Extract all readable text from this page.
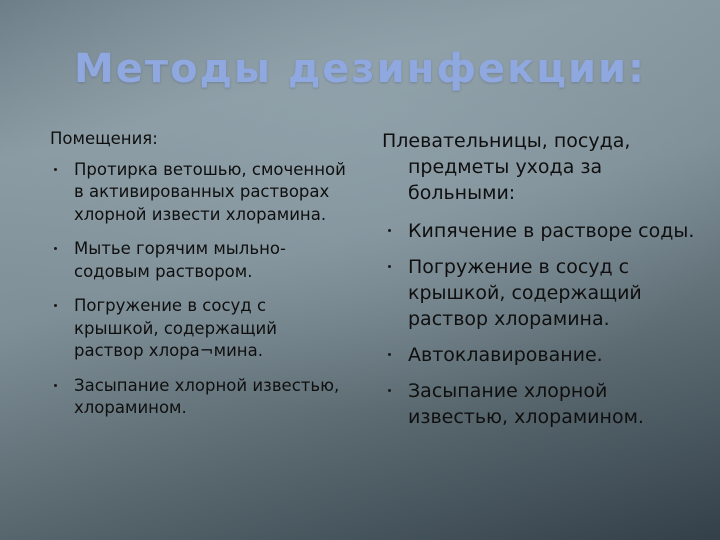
Методы дезинфекции:
Помещения:
Протирка ветошью, смоченной в активированных растворах хлорной извести хлорамина.
Мытье горячим мыльно-содовым раствором.
Погружение в сосуд с крышкой, содержащий раствор хлора¬мина.
Засыпание хлорной известью, хлорамином.
Плевательницы, посуда, предметы ухода за больными:
Кипячение в растворе соды.
Погружение в сосуд с крышкой, содержащий раствор хлорамина.
Автоклавирование.
Засыпание хлорной известью, хлорамином.
